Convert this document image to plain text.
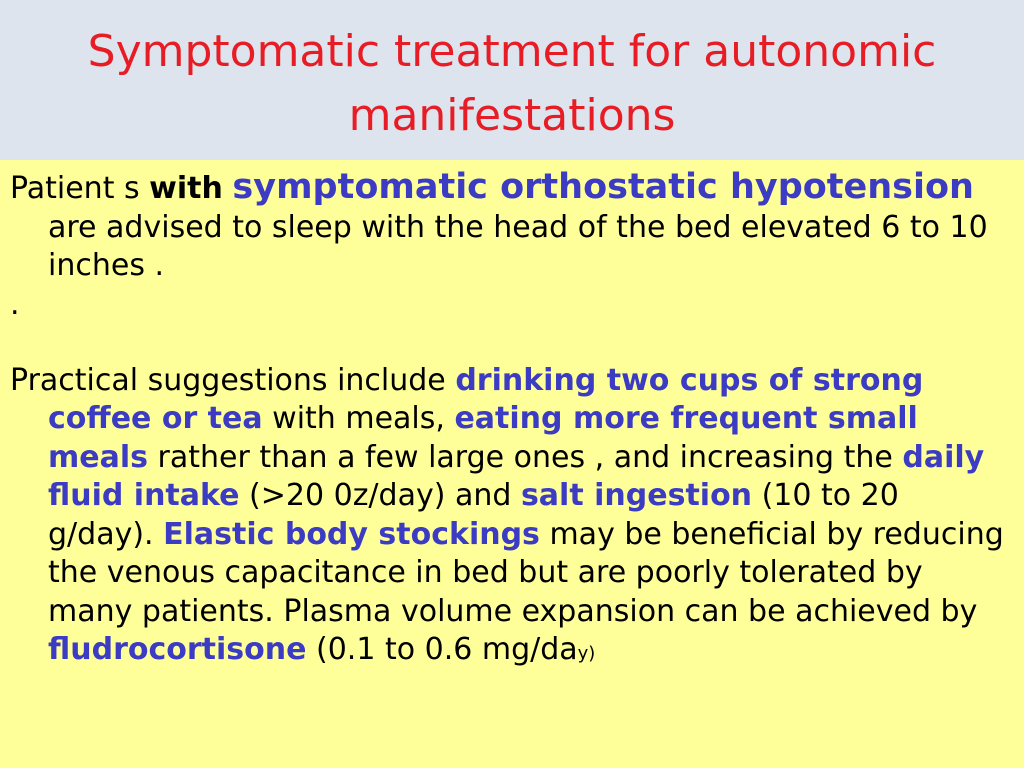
Symptomatic treatment for autonomic
manifestations

Patient s with symptomatic orthostatic hypotension are advised to sleep with the head of the bed elevated 6 to 10 inches .

.

Practical suggestions include drinking two cups of strong coffee or tea with meals, eating more frequent small meals rather than a few large ones , and increasing the daily fluid intake (>20 0z/day) and salt ingestion (10 to 20 g/day). Elastic body stockings may be beneficial by reducing the venous capacitance in bed but are poorly tolerated by many patients. Plasma volume expansion can be achieved by fludrocortisone (0.1 to 0.6 mg/day)
